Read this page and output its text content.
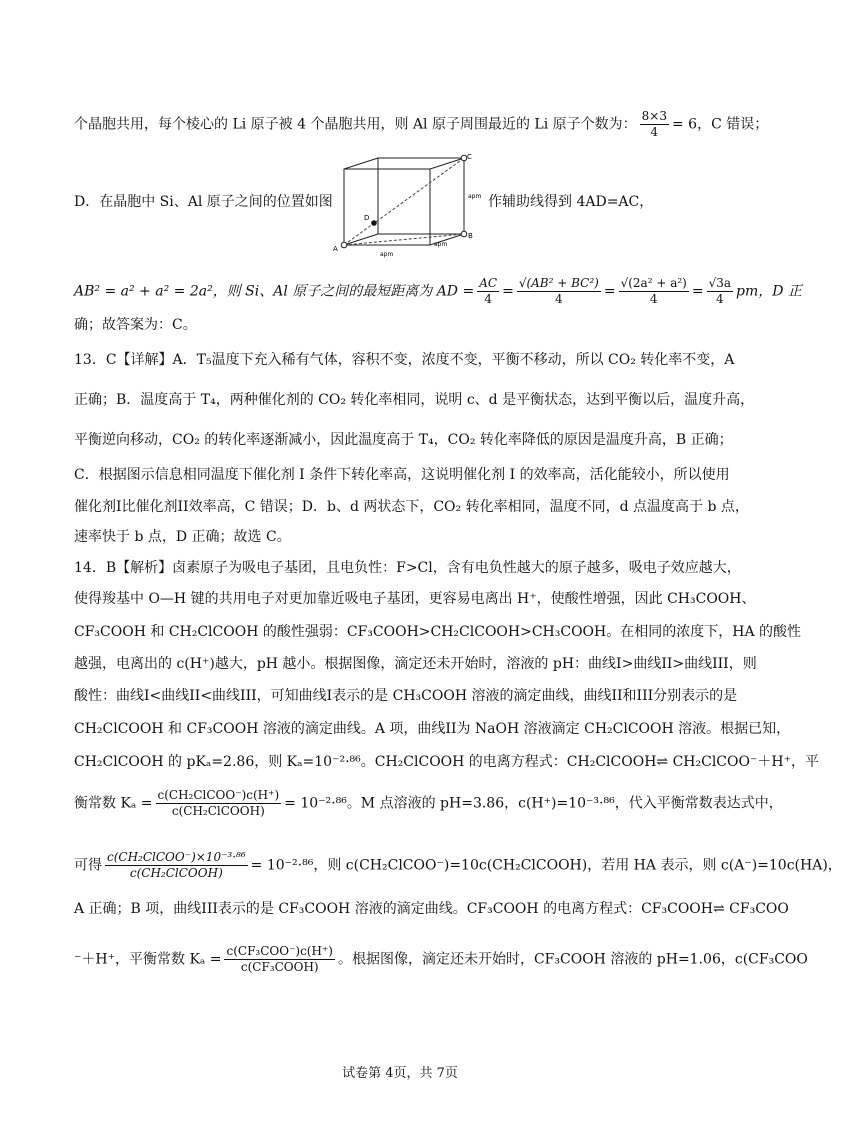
个晶胞共用，每个棱心的 Li 原子被 4 个晶胞共用，则 Al 原子周围最近的 Li 原子个数为： $\frac{8\times 3}{4} = 6$，C 错误；
D．在晶胞中 Si、Al 原子之间的位置如图	作辅助线得到 4AD=AC，
A
B
C
D
apm
apm
apm
AB² = a² + a² = 2a²，则 Si、Al 原子之间的最短距离为 AD = $\frac{AC}{4} = \frac{\text{√(AB² + BC²)}}{4} = \frac{\text{√(2a² + a²)}}{4} = \frac{√3a}{4}$ pm，D 正
确；故答案为：C。
13．C【详解】A．T₅温度下充入稀有气体，容积不变，浓度不变，平衡不移动，所以 CO₂ 转化率不变，A
正确；B．温度高于 T₄，两种催化剂的 CO₂ 转化率相同，说明 c、d 是平衡状态，达到平衡以后，温度升高，
平衡逆向移动，CO₂ 的转化率逐渐减小，因此温度高于 T₄，CO₂ 转化率降低的原因是温度升高，B 正确；
C．根据图示信息相同温度下催化剂 I 条件下转化率高，这说明催化剂 I 的效率高，活化能较小，所以使用
催化剂I比催化剂II效率高，C 错误；D．b、d 两状态下，CO₂ 转化率相同，温度不同，d 点温度高于 b 点，
速率快于 b 点，D 正确；故选 C。
14．B【解析】卤素原子为吸电子基团，且电负性：F>Cl，含有电负性越大的原子越多，吸电子效应越大，
使得羧基中 O—H 键的共用电子对更加靠近吸电子基团，更容易电离出 H⁺，使酸性增强，因此 CH₃COOH、
CF₃COOH 和 CH₂ClCOOH 的酸性强弱：CF₃COOH>CH₂ClCOOH>CH₃COOH。在相同的浓度下，HA 的酸性
越强，电离出的 c(H⁺)越大，pH 越小。根据图像，滴定还未开始时，溶液的 pH：曲线I>曲线II>曲线III，则
酸性：曲线I<曲线II<曲线III，可知曲线I表示的是 CH₃COOH 溶液的滴定曲线，曲线II和III分别表示的是
CH₂ClCOOH 和 CF₃COOH 溶液的滴定曲线。A 项，曲线II为 NaOH 溶液滴定 CH₂ClCOOH 溶液。根据已知，
CH₂ClCOOH 的 pKₐ=2.86，则 Kₐ=10⁻²·⁸⁶。CH₂ClCOOH 的电离方程式：CH₂ClCOOH⇌ CH₂ClCOO⁻＋H⁺，平
衡常数 $K_a = \frac{\text{c(CH₂ClCOO⁻)c(H⁺)}}{\text{c(CH₂ClCOOH)}} = 10^{-2}\cdot^{86}$。M 点溶液的 pH=3.86，c(H⁺)=10⁻³·⁸⁶，代入平衡常数表达式中，
可得 $\frac{\text{c(CH₂ClCOO⁻)×10⁻³·⁸⁶}}{\text{c(CH₂ClCOOH)}} = 10^{-2}\cdot^{86}$，则 c(CH₂ClCOO⁻)=10c(CH₂ClCOOH)，若用 HA 表示，则 c(A⁻)=10c(HA)，
A 正确；B 项，曲线III表示的是 CF₃COOH 溶液的滴定曲线。CF₃COOH 的电离方程式：CF₃COOH⇌ CF₃COO
⁻＋H⁺，平衡常数 $K_a = \frac{\text{c(CF₃COO⁻)c(H⁺)}}{\text{c(CF₃COOH)}}$ 。根据图像，滴定还未开始时，CF₃COOH 溶液的 pH=1.06，c(CF₃COO
试卷第 4页，共 7页
